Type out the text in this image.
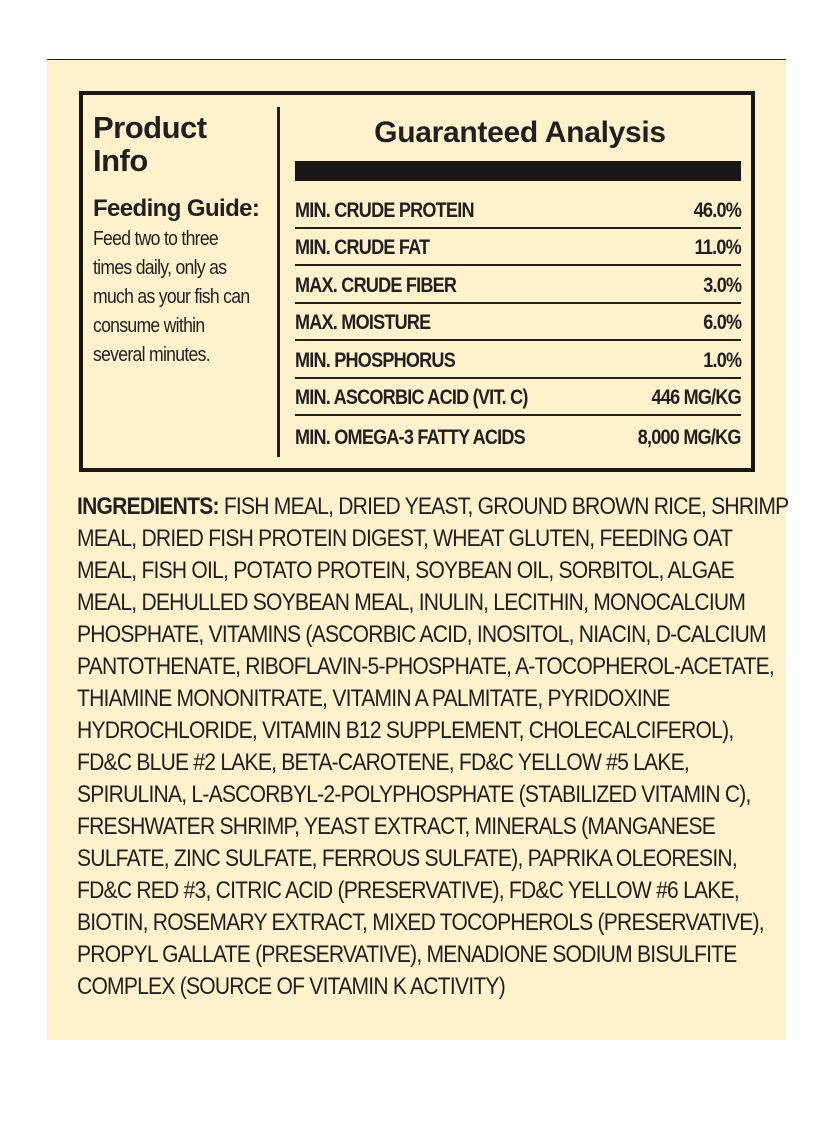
Product Info
Feeding Guide:
Feed two to three times daily, only as much as your fish can consume within several minutes.
Guaranteed Analysis
MIN. CRUDE PROTEIN	46.0%
MIN. CRUDE FAT	11.0%
MAX. CRUDE FIBER	3.0%
MAX. MOISTURE	6.0%
MIN. PHOSPHORUS	1.0%
MIN. ASCORBIC ACID (VIT. C)	446 MG/KG
MIN. OMEGA-3 FATTY ACIDS	8,000 MG/KG

INGREDIENTS: FISH MEAL, DRIED YEAST, GROUND BROWN RICE, SHRIMP MEAL, DRIED FISH PROTEIN DIGEST, WHEAT GLUTEN, FEEDING OAT MEAL, FISH OIL, POTATO PROTEIN, SOYBEAN OIL, SORBITOL, ALGAE MEAL, DEHULLED SOYBEAN MEAL, INULIN, LECITHIN, MONOCALCIUM PHOSPHATE, VITAMINS (ASCORBIC ACID, INOSITOL, NIACIN, D-CALCIUM PANTOTHENATE, RIBOFLAVIN-5-PHOSPHATE, A-TOCOPHEROL-ACETATE, THIAMINE MONONITRATE, VITAMIN A PALMITATE, PYRIDOXINE HYDROCHLORIDE, VITAMIN B12 SUPPLEMENT, CHOLECALCIFEROL), FD&C BLUE #2 LAKE, BETA-CAROTENE, FD&C YELLOW #5 LAKE, SPIRULINA, L-ASCORBYL-2-POLYPHOSPHATE (STABILIZED VITAMIN C), FRESHWATER SHRIMP, YEAST EXTRACT, MINERALS (MANGANESE SULFATE, ZINC SULFATE, FERROUS SULFATE), PAPRIKA OLEORESIN, FD&C RED #3, CITRIC ACID (PRESERVATIVE), FD&C YELLOW #6 LAKE, BIOTIN, ROSEMARY EXTRACT, MIXED TOCOPHEROLS (PRESERVATIVE), PROPYL GALLATE (PRESERVATIVE), MENADIONE SODIUM BISULFITE COMPLEX (SOURCE OF VITAMIN K ACTIVITY)
